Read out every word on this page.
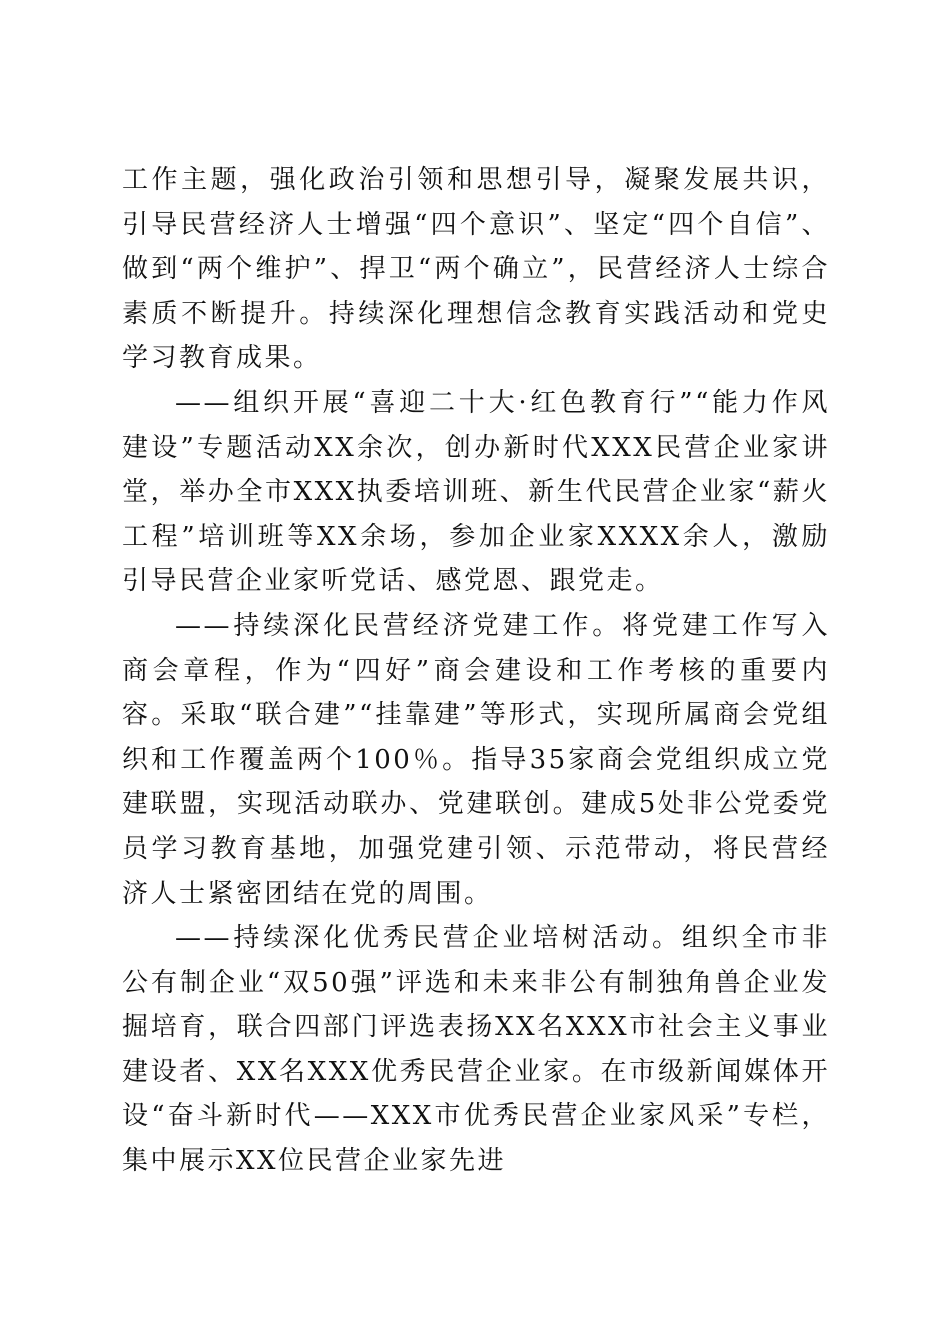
工作主题，强化政治引领和思想引导，凝聚发展共识，引导民营经济人士增强“四个意识”、坚定“四个自信”、做到“两个维护”、捍卫“两个确立”，民营经济人士综合素质不断提升。持续深化理想信念教育实践活动和党史学习教育成果。

——组织开展“喜迎二十大·红色教育行”“能力作风建设”专题活动XX余次，创办新时代XXX民营企业家讲堂，举办全市XXX执委培训班、新生代民营企业家“薪火工程”培训班等XX余场，参加企业家XXXX余人，激励引导民营企业家听党话、感党恩、跟党走。

——持续深化民营经济党建工作。将党建工作写入商会章程，作为“四好”商会建设和工作考核的重要内容。采取“联合建”“挂靠建”等形式，实现所属商会党组织和工作覆盖两个100％。指导35家商会党组织成立党建联盟，实现活动联办、党建联创。建成5处非公党委党员学习教育基地，加强党建引领、示范带动，将民营经济人士紧密团结在党的周围。

——持续深化优秀民营企业培树活动。组织全市非公有制企业“双50强”评选和未来非公有制独角兽企业发掘培育，联合四部门评选表扬XX名XXX市社会主义事业建设者、XX名XXX优秀民营企业家。在市级新闻媒体开设“奋斗新时代——XXX市优秀民营企业家风采”专栏，集中展示XX位民营企业家先进
